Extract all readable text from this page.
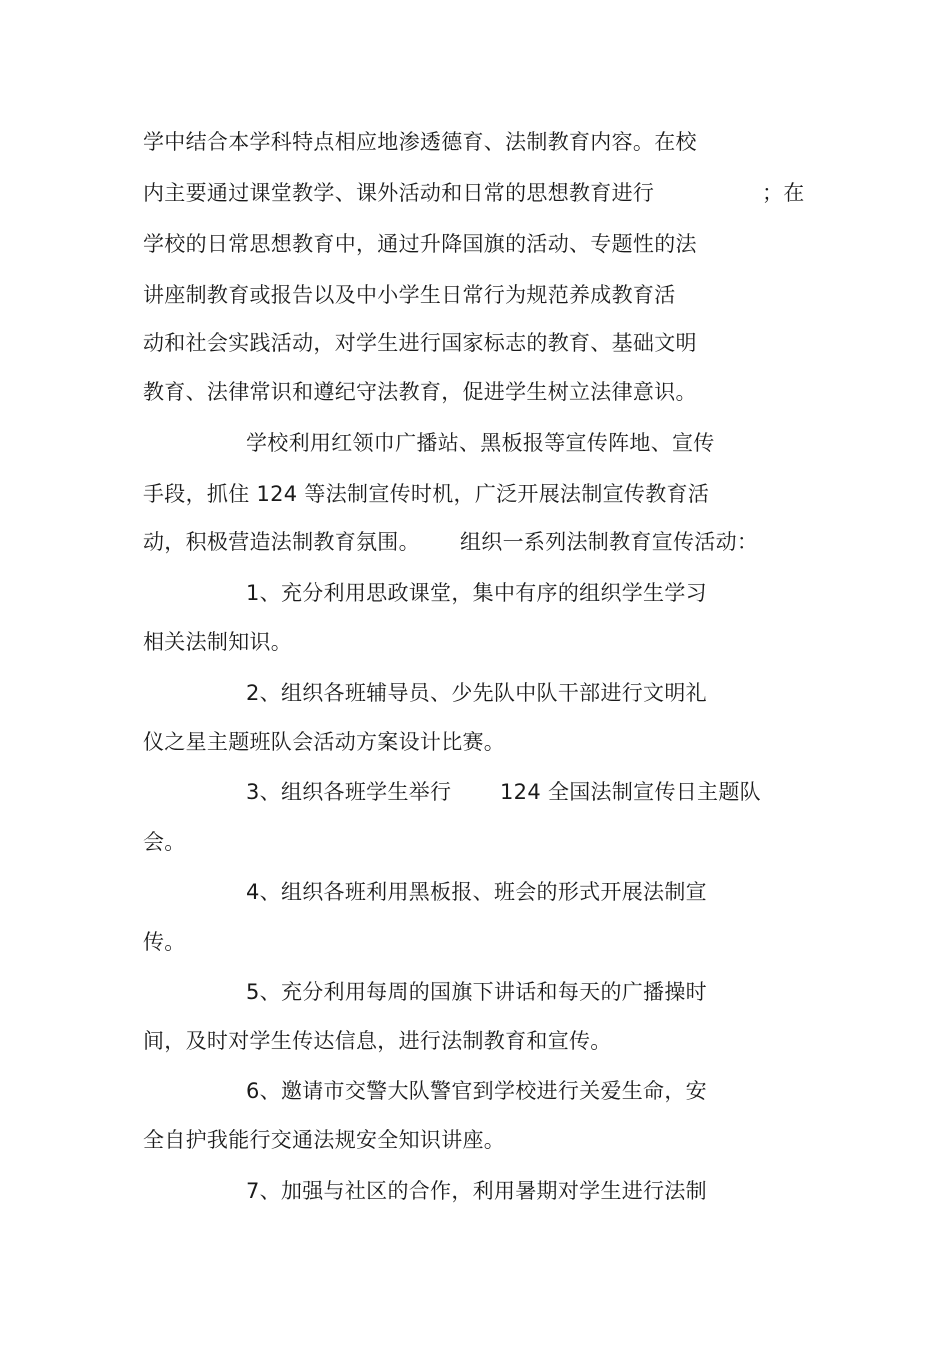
学中结合本学科特点相应地渗透德育、法制教育内容。在校
内主要通过课堂教学、课外活动和日常的思想教育进行	；在
学校的日常思想教育中，通过升降国旗的活动、专题性的法
讲座制教育或报告以及中小学生日常行为规范养成教育活
动和社会实践活动，对学生进行国家标志的教育、基础文明
教育、法律常识和遵纪守法教育，促进学生树立法律意识。
学校利用红领巾广播站、黑板报等宣传阵地、宣传
手段，抓住 124 等法制宣传时机，广泛开展法制宣传教育活
动，积极营造法制教育氛围。 组织一系列法制教育宣传活动：
1、充分利用思政课堂，集中有序的组织学生学习
相关法制知识。
2、组织各班辅导员、少先队中队干部进行文明礼
仪之星主题班队会活动方案设计比赛。
3、组织各班学生举行 124 全国法制宣传日主题队
会。
4、组织各班利用黑板报、班会的形式开展法制宣
传。
5、充分利用每周的国旗下讲话和每天的广播操时
间，及时对学生传达信息，进行法制教育和宣传。
6、邀请市交警大队警官到学校进行关爱生命，安
全自护我能行交通法规安全知识讲座。
7、加强与社区的合作，利用暑期对学生进行法制
